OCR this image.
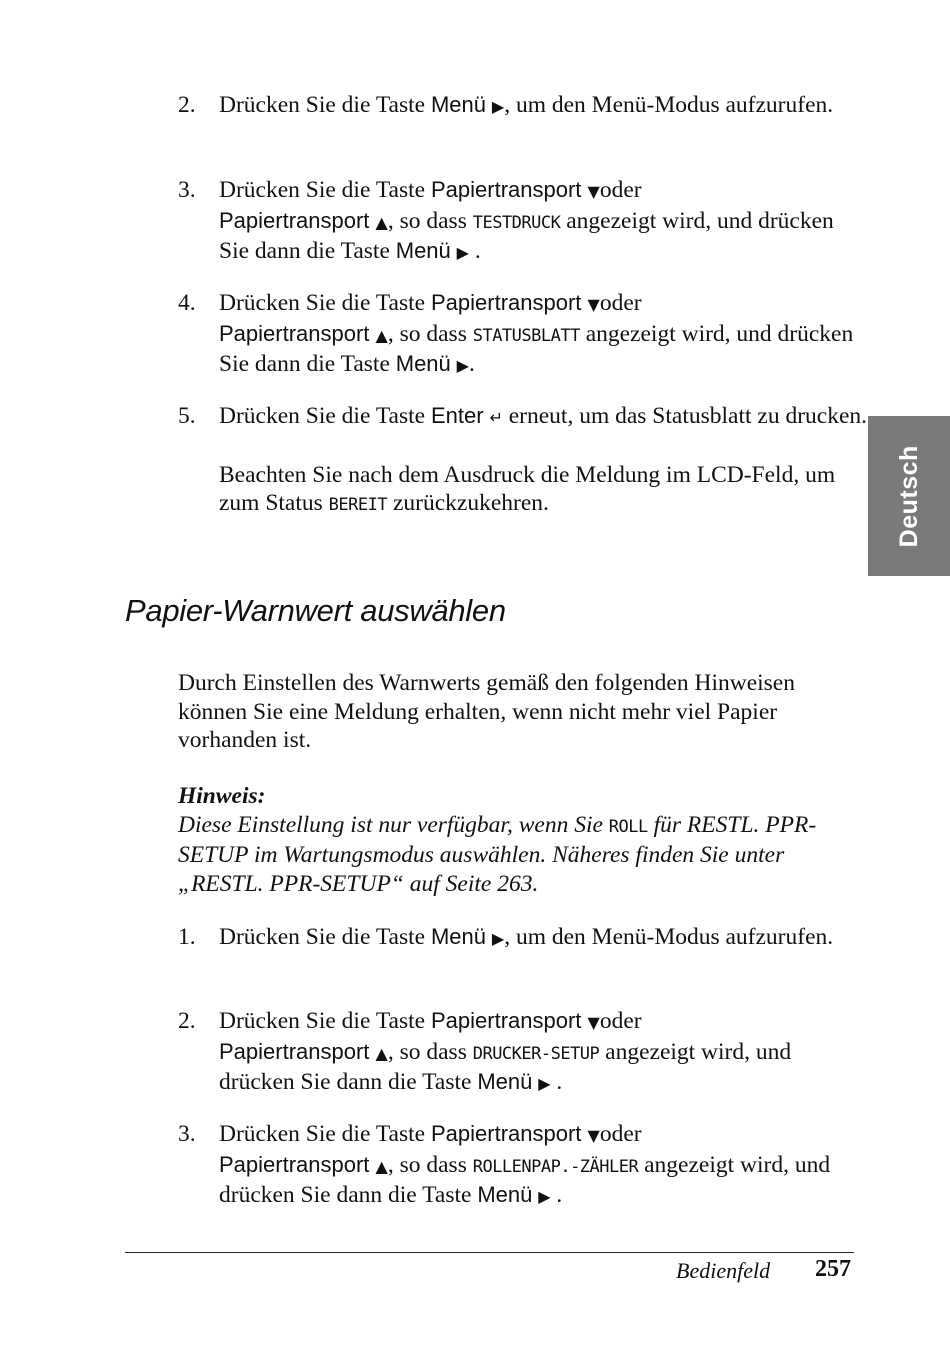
2. Drücken Sie die Taste Menü ▶, um den Menü-Modus aufzurufen.
3. Drücken Sie die Taste Papiertransport ▼oder
Papiertransport ▲, so dass TESTDRUCK angezeigt wird, und drücken Sie dann die Taste Menü ▶ .
4. Drücken Sie die Taste Papiertransport ▼oder
Papiertransport ▲, so dass STATUSBLATT angezeigt wird, und drücken Sie dann die Taste Menü ▶.
5. Drücken Sie die Taste Enter ↵ erneut, um das Statusblatt zu drucken.
Beachten Sie nach dem Ausdruck die Meldung im LCD-Feld, um zum Status BEREIT zurückzukehren.	Deutsch
Papier-Warnwert auswählen
Durch Einstellen des Warnwerts gemäß den folgenden Hinweisen können Sie eine Meldung erhalten, wenn nicht mehr viel Papier vorhanden ist.
Hinweis:
Diese Einstellung ist nur verfügbar, wenn Sie ROLL für RESTL. PPR-SETUP im Wartungsmodus auswählen. Näheres finden Sie unter „RESTL. PPR-SETUP“ auf Seite 263.
1. Drücken Sie die Taste Menü ▶, um den Menü-Modus aufzurufen.
2. Drücken Sie die Taste Papiertransport ▼oder
Papiertransport ▲, so dass DRUCKER-SETUP angezeigt wird, und drücken Sie dann die Taste Menü ▶ .
3. Drücken Sie die Taste Papiertransport ▼oder
Papiertransport ▲, so dass ROLLENPAP.-ZÄHLER angezeigt wird, und drücken Sie dann die Taste Menü ▶ .
Bedienfeld 257
